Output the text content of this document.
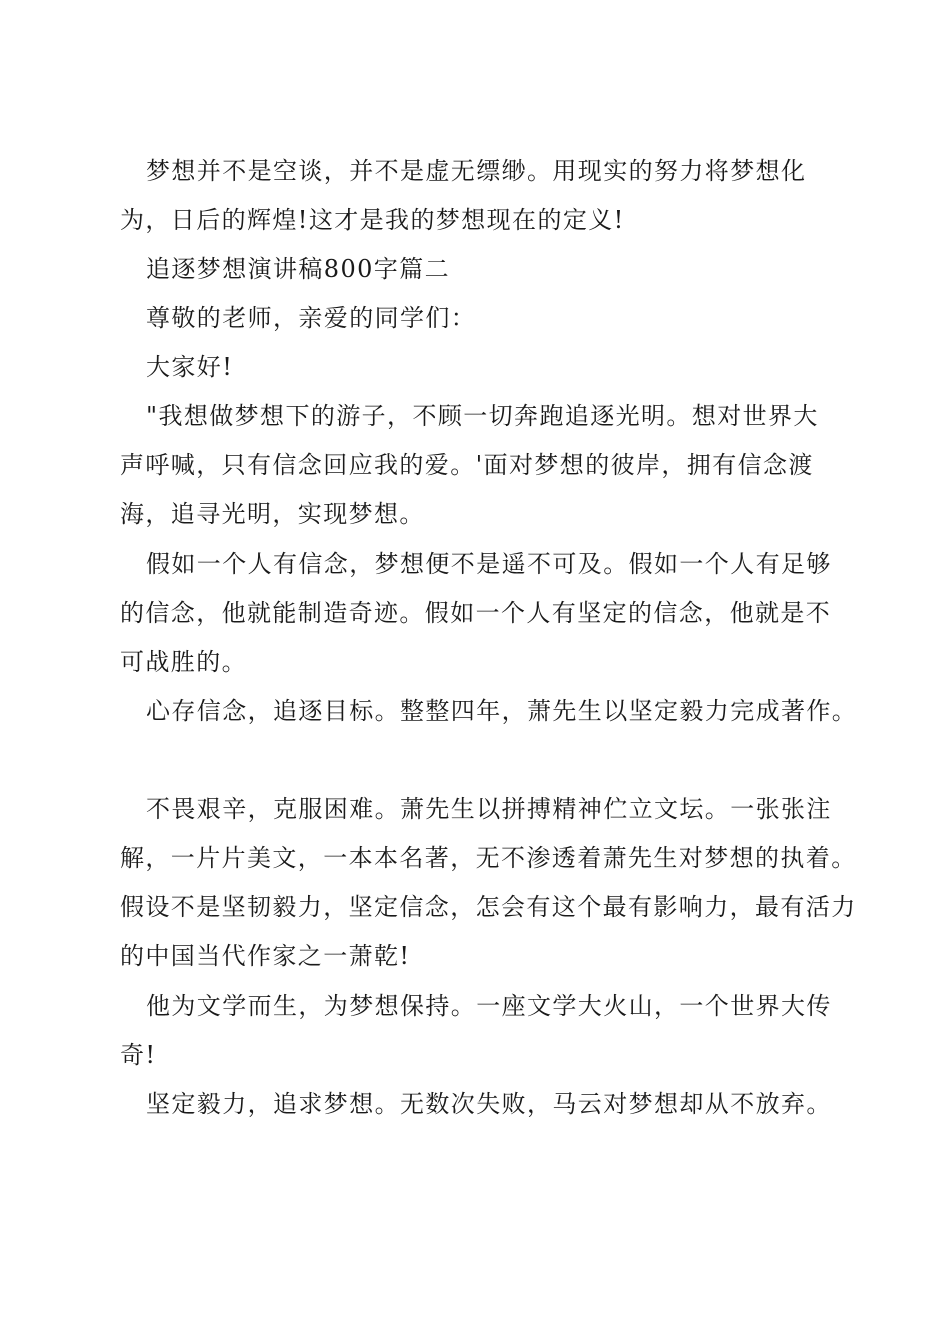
梦想并不是空谈，并不是虚无缥缈。用现实的努力将梦想化为，日后的辉煌!这才是我的梦想现在的定义!

追逐梦想演讲稿800字篇二

尊敬的老师，亲爱的同学们：

大家好!

"我想做梦想下的游子，不顾一切奔跑追逐光明。想对世界大声呼喊，只有信念回应我的爱。'面对梦想的彼岸，拥有信念渡海，追寻光明，实现梦想。

假如一个人有信念，梦想便不是遥不可及。假如一个人有足够的信念，他就能制造奇迹。假如一个人有坚定的信念，他就是不可战胜的。

心存信念，追逐目标。整整四年，萧先生以坚定毅力完成著作。

不畏艰辛，克服困难。萧先生以拼搏精神伫立文坛。一张张注解，一片片美文，一本本名著，无不渗透着萧先生对梦想的执着。假设不是坚韧毅力，坚定信念，怎会有这个最有影响力，最有活力的中国当代作家之一萧乾!

他为文学而生，为梦想保持。一座文学大火山，一个世界大传奇!

坚定毅力，追求梦想。无数次失败，马云对梦想却从不放弃。
